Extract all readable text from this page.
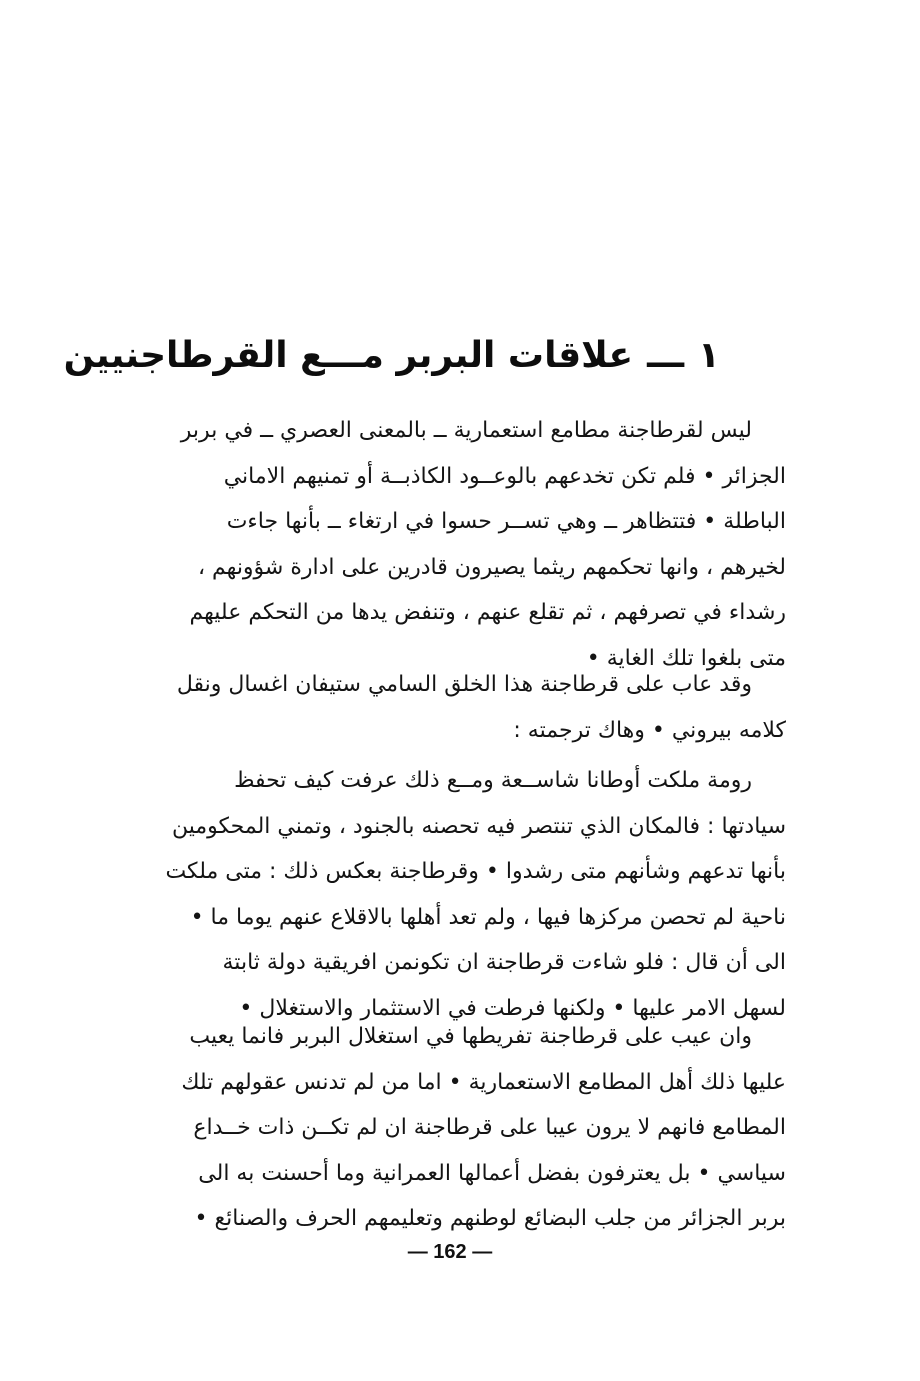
١ـــعلاقات البربر مـــع القرطاجنيين
ليس لقرطاجنة مطامع استعمارية ــ بالمعنى العصري ــ في بربر
الجزائر • فلم تكن تخدعهم بالوعــود الكاذبــة أو تمنيهم الاماني
الباطلة • فتتظاهر ــ وهي تســر حسوا في ارتغاء ــ بأنها جاءت
لخيرهم ، وانها تحكمهم ريثما يصيرون قادرين على ادارة شؤونهم ،
رشداء في تصرفهم ، ثم تقلع عنهم ، وتنفض يدها من التحكم عليهم
متى بلغوا تلك الغاية •
وقد عاب على قرطاجنة هذا الخلق السامي ستيفان اغسال ونقل
كلامه بيروني • وهاك ترجمته :
رومة ملكت أوطانا شاســعة ومــع ذلك عرفت كيف تحفظ
سيادتها : فالمكان الذي تنتصر فيه تحصنه بالجنود ، وتمني المحكومين
بأنها تدعهم وشأنهم متى رشدوا • وقرطاجنة بعكس ذلك : متى ملكت
ناحية لم تحصن مركزها فيها ، ولم تعد أهلها بالاقلاع عنهم يوما ما •
الى أن قال : فلو شاءت قرطاجنة ان تكونمن افريقية دولة ثابتة
لسهل الامر عليها • ولكنها فرطت في الاستثمار والاستغلال •
وان عيب على قرطاجنة تفريطها في استغلال البربر فانما يعيب
عليها ذلك أهل المطامع الاستعمارية • اما من لم تدنس عقولهم تلك
المطامع فانهم لا يرون عيبا على قرطاجنة ان لم تكــن ذات خــداع
سياسي • بل يعترفون بفضل أعمالها العمرانية وما أحسنت به الى
بربر الجزائر من جلب البضائع لوطنهم وتعليمهم الحرف والصنائع •
— 162 —
